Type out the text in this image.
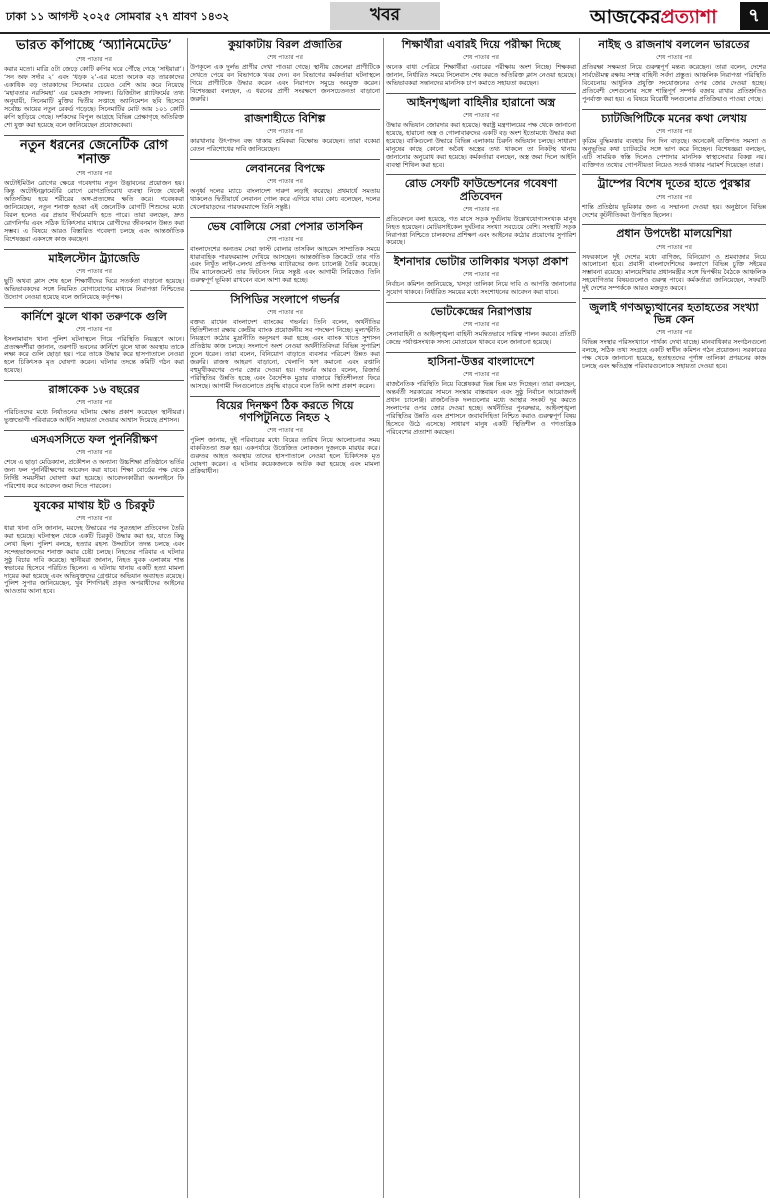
ঢাকা ১১ আগস্ট ২০২৫ সোমবার ২৭ শ্রাবণ ১৪৩২	খবর	আজকেরপ্রত্যাশা	৭
ভারত কাঁপাচ্ছে ‘অ্যানিমেটেড’
শেষ পাতার পর

করার মতো। মাত্রি ৫টা জেড়ে কোটি রুপির ঘরে পৌঁছে গেছে ‘সাইয়ারা’। ‘সন অফ সর্দার ২’ এবং ‘ধড়ক ২’-এর মতো অনেক বড় তারকাদের একাধিক বড় তারকাদের সিনেমার চেয়েও বেশি আয় করে নিয়েছে ‘মহাবতার নরসিমহা’ এর চমকপ্রদ সাফল্য। ডিজিটাল প্ল্যাটফর্মের তথ্য অনুযায়ী, সিনেমাটি মুক্তির দ্বিতীয় সপ্তাহে অ্যানিমেশন ছবি হিসেবে সর্বোচ্চ আয়ের নতুন রেকর্ড গড়েছে। সিনেমাটির মোট আয় ১০১ কোটি রুপি ছাড়িয়ে গেছে। দর্শকদের বিপুল আগ্রহে বিভিন্ন প্রেক্ষাগৃহে অতিরিক্ত শো যুক্ত করা হয়েছে বলে জানিয়েছেন প্রযোজকেরা।

নতুন ধরনের জেনেটিক রোগ শনাক্ত
শেষ পাতার পর

অটোইমিউন রোগের ক্ষেত্রে গবেষণায় নতুন উদ্ভাবনের প্রয়োজন হয়। কিন্তু অটোইনফ্লামেটরি রোগে রোগপ্রতিরোধ ব্যবস্থা নিজে থেকেই অতিসক্রিয় হয়ে শরীরের অঙ্গ-প্রত্যঙ্গের ক্ষতি করে। গবেষকরা জানিয়েছেন, নতুন শনাক্ত হওয়া এই জেনেটিক রোগটি শিশুদের মধ্যে বিরল হলেও এর প্রভাব দীর্ঘমেয়াদি হতে পারে। তারা বলছেন, দ্রুত রোগনির্ণয় এবং সঠিক চিকিৎসার মাধ্যমে রোগীদের জীবনমান উন্নত করা সম্ভব। এ বিষয়ে আরও বিস্তারিত গবেষণা চলছে এবং আন্তর্জাতিক বিশেষজ্ঞরা একসঙ্গে কাজ করছেন।

মাইলস্টোন ট্র্যাজেডি
শেষ পাতার পর

ছুটি অথবা ক্লাস শেষ হলে শিক্ষার্থীদের ঘিরে সতর্কতা বাড়ানো হয়েছে। অভিভাবকদের সঙ্গে নিয়মিত যোগাযোগের মাধ্যমে নিরাপত্তা নিশ্চিতের উদ্যোগ নেওয়া হয়েছে বলে জানিয়েছে কর্তৃপক্ষ।

কার্নিশে ঝুলে থাকা তরুণকে গুলি
শেষ পাতার পর

ইসলামাবাদ থানা পুলিশ ঘটনাস্থলে গিয়ে পরিস্থিতি নিয়ন্ত্রণে আনে। প্রত্যক্ষদর্শীরা জানান, তরুণটি ভবনের কার্নিশে ঝুলে থাকা অবস্থায় তাকে লক্ষ্য করে গুলি ছোড়া হয়। পরে তাকে উদ্ধার করে হাসপাতালে নেওয়া হলে চিকিৎসক মৃত ঘোষণা করেন। ঘটনার তদন্তে কমিটি গঠন করা হয়েছে।

রাঙ্গাকেক ১৬ বছরের
শেষ পাতার পর

পরিচিতদের মধ্যে নির্যাতনের ঘটনায় ক্ষোভ প্রকাশ করেছেন স্থানীয়রা। ভুক্তভোগী পরিবারকে আইনি সহায়তা দেওয়ার আশ্বাস দিয়েছে প্রশাসন।

এসএসসিতে ফল পুনর্নিরীক্ষণ
শেষ পাতার পর

শেষে এ ছাড়া মেডিক্যাল, প্রকৌশল ও অন্যান্য উচ্চশিক্ষা প্রতিষ্ঠানে ভর্তির জন্য ফল পুনর্নিরীক্ষণের আবেদন করা যাবে। শিক্ষা বোর্ডের পক্ষ থেকে নির্দিষ্ট সময়সীমা ঘোষণা করা হয়েছে। আবেদনকারীরা অনলাইনে ফি পরিশোধ করে আবেদন জমা দিতে পারবেন।

যুবকের মাথায় ইট ও চিরকুট
শেষ পাতার পর

ধারা থানা ওসি জানান, মরদেহ উদ্ধারের পর সুরতহাল প্রতিবেদন তৈরি করা হয়েছে। ঘটনাস্থল থেকে একটি চিরকুট উদ্ধার করা হয়, যাতে কিছু লেখা ছিল। পুলিশ বলছে, হত্যার রহস্য উদ্ঘাটনে তদন্ত চলছে এবং সন্দেহভাজনদের শনাক্ত করার চেষ্টা চলছে। নিহতের পরিবার এ ঘটনার সুষ্ঠু বিচার দাবি করেছে। স্থানীয়রা জানান, নিহত যুবক এলাকায় শান্ত স্বভাবের হিসেবে পরিচিত ছিলেন। এ ঘটনায় থানায় একটি হত্যা মামলা দায়ের করা হয়েছে এবং অভিযুক্তদের গ্রেপ্তারে অভিযান অব্যাহত রয়েছে। পুলিশ সুপার জানিয়েছেন, খুব শিগগিরই প্রকৃত অপরাধীদের আইনের আওতায় আনা হবে।

কুয়াকাটায় বিরল প্রজাতির
শেষ পাতার পর

উপকূলে এক দুর্লভ প্রাণীর দেখা পাওয়া গেছে। স্থানীয় জেলেরা প্রাণীটিকে দেখতে পেয়ে বন বিভাগকে খবর দেন। বন বিভাগের কর্মকর্তারা ঘটনাস্থলে গিয়ে প্রাণীটিকে উদ্ধার করেন এবং নিরাপদে সমুদ্রে অবমুক্ত করেন। বিশেষজ্ঞরা বলছেন, এ ধরনের প্রাণী সংরক্ষণে জনসচেতনতা বাড়ানো জরুরি।

রাজশাহীতে বিশিল্প
শেষ পাতার পর

কারখানার উৎপাদন বন্ধ থাকায় শ্রমিকরা বিক্ষোভ করেছেন। তারা বকেয়া বেতন পরিশোধের দাবি জানিয়েছেন।

লেবাননের বিপক্ষে
শেষ পাতার পর

অনূর্ধ্ব দলের ম্যাচে বাংলাদেশ দারুণ লড়াই করেছে। প্রথমার্ধে সমতায় থাকলেও দ্বিতীয়ার্ধে লেবানন গোল করে এগিয়ে যায়। কোচ বলেছেন, দলের খেলোয়াড়দের পারফরম্যান্সে তিনি সন্তুষ্ট।

ভেষ বোলিয়ে সেরা পেসার তাসকিন
শেষ পাতার পর

বাংলাদেশের অন্যতম সেরা ফাস্ট বোলার তাসকিন আহমেদ সাম্প্রতিক সময়ে ধারাবাহিক পারফরম্যান্স দেখিয়ে আসছেন। আন্তর্জাতিক ক্রিকেটে তার গতি এবং নিখুঁত লাইন-লেংথ প্রতিপক্ষ ব্যাটারদের জন্য চ্যালেঞ্জ তৈরি করেছে। টিম ম্যানেজমেন্ট তার ফিটনেস নিয়ে সন্তুষ্ট এবং আগামী সিরিজেও তিনি গুরুত্বপূর্ণ ভূমিকা রাখবেন বলে আশা করা হচ্ছে।

সিপিডির সংলাপে গভর্নর
শেষ পাতার পর

বক্তব্য রাখেন বাংলাদেশ ব্যাংকের গভর্নর। তিনি বলেন, অর্থনীতির স্থিতিশীলতা রক্ষায় কেন্দ্রীয় ব্যাংক প্রয়োজনীয় সব পদক্ষেপ নিচ্ছে। মূল্যস্ফীতি নিয়ন্ত্রণে কঠোর মুদ্রানীতি অনুসরণ করা হচ্ছে এবং ব্যাংক খাতে সুশাসন প্রতিষ্ঠায় কাজ চলছে। সংলাপে অংশ নেওয়া অর্থনীতিবিদরা বিভিন্ন সুপারিশ তুলে ধরেন। তারা বলেন, বিনিয়োগ বাড়াতে ব্যবসার পরিবেশ উন্নত করা জরুরি। রাজস্ব আহরণ বাড়ানো, খেলাপি ঋণ কমানো এবং রপ্তানি বহুমুখীকরণের ওপর জোর দেওয়া হয়। গভর্নর আরও বলেন, রিজার্ভ পরিস্থিতির উন্নতি হচ্ছে এবং বৈদেশিক মুদ্রার বাজারে স্থিতিশীলতা ফিরে আসছে। আগামী দিনগুলোতে প্রবৃদ্ধি বাড়বে বলে তিনি আশা প্রকাশ করেন।

বিয়ের দিনক্ষণ ঠিক করতে গিয়ে গণপিটুনিতে নিহত ২
শেষ পাতার পর

পুলিশ জানায়, দুই পরিবারের মধ্যে বিয়ের তারিখ নিয়ে আলোচনার সময় বাকবিতণ্ডা শুরু হয়। একপর্যায়ে উত্তেজিত লোকজন দুজনকে মারধর করে। গুরুতর আহত অবস্থায় তাদের হাসপাতালে নেওয়া হলে চিকিৎসক মৃত ঘোষণা করেন। এ ঘটনায় কয়েকজনকে আটক করা হয়েছে এবং মামলা প্রক্রিয়াধীন।

শিক্ষার্থীরা এবারই দিয়ে পরীক্ষা দিচ্ছে
শেষ পাতার পর

অনেক বাধা পেরিয়ে শিক্ষার্থীরা এবারের পরীক্ষায় অংশ নিচ্ছে। শিক্ষকরা জানান, নির্ধারিত সময়ে সিলেবাস শেষ করতে অতিরিক্ত ক্লাস নেওয়া হয়েছে। অভিভাবকরা সন্তানদের মানসিক চাপ কমাতে সহায়তা করছেন।

আইনশৃঙ্খলা বাহিনীর হারানো অস্ত্র
শেষ পাতার পর

উদ্ধার অভিযান জোরদার করা হয়েছে। স্বরাষ্ট্র মন্ত্রণালয়ের পক্ষ থেকে জানানো হয়েছে, হারানো অস্ত্র ও গোলাবারুদের একটি বড় অংশ ইতোমধ্যে উদ্ধার করা হয়েছে। বাকিগুলো উদ্ধারে বিভিন্ন এলাকায় চিরুনি অভিযান চলছে। সাধারণ মানুষের কাছে কোনো অবৈধ অস্ত্রের তথ্য থাকলে তা নিকটস্থ থানায় জানানোর অনুরোধ করা হয়েছে। কর্মকর্তারা বলছেন, অস্ত্র জমা দিলে আইনি ব্যবস্থা শিথিল করা হবে।

রোড সেফটি ফাউন্ডেশনের গবেষণা প্রতিবেদন
শেষ পাতার পর

প্রতিবেদনে বলা হয়েছে, গত মাসে সড়ক দুর্ঘটনায় উল্লেখযোগ্যসংখ্যক মানুষ নিহত হয়েছেন। মোটরসাইকেল দুর্ঘটনার সংখ্যা সবচেয়ে বেশি। সংস্থাটি সড়ক নিরাপত্তা নিশ্চিতে চালকদের প্রশিক্ষণ এবং আইনের কঠোর প্রয়োগের সুপারিশ করেছে।

ইশনাদার ভোটার তালিকার খসড়া প্রকাশ
শেষ পাতার পর

নির্বাচন কমিশন জানিয়েছে, খসড়া তালিকা নিয়ে দাবি ও আপত্তি জানানোর সুযোগ থাকবে। নির্ধারিত সময়ের মধ্যে সংশোধনের আবেদন করা যাবে।

ভোটকেন্দ্রের নিরাপত্তায়
শেষ পাতার পর

সেনাবাহিনী ও আইনশৃঙ্খলা বাহিনী সমন্বিতভাবে দায়িত্ব পালন করবে। প্রতিটি কেন্দ্রে পর্যাপ্তসংখ্যক সদস্য মোতায়েন থাকবে বলে জানানো হয়েছে।

হাসিনা-উত্তর বাংলাদেশে
শেষ পাতার পর

রাজনৈতিক পরিস্থিতি নিয়ে বিশ্লেষকরা ভিন্ন ভিন্ন মত দিচ্ছেন। তারা বলছেন, অন্তর্বর্তী সরকারের সামনে সংস্কার বাস্তবায়ন এবং সুষ্ঠু নির্বাচন আয়োজনই প্রধান চ্যালেঞ্জ। রাজনৈতিক দলগুলোর মধ্যে আস্থার সংকট দূর করতে সংলাপের ওপর জোর দেওয়া হচ্ছে। অর্থনীতির পুনরুদ্ধার, আইনশৃঙ্খলা পরিস্থিতির উন্নতি এবং প্রশাসনে জবাবদিহিতা নিশ্চিত করাও গুরুত্বপূর্ণ বিষয় হিসেবে উঠে এসেছে। সাধারণ মানুষ একটি স্থিতিশীল ও গণতান্ত্রিক পরিবেশের প্রত্যাশা করছেন।

নাইছ ও রাজনাথ বললেন ভারতের
শেষ পাতার পর

প্রতিরক্ষা সক্ষমতা নিয়ে গুরুত্বপূর্ণ মন্তব্য করেছেন। তারা বলেন, দেশের সার্বভৌমত্ব রক্ষায় সশস্ত্র বাহিনী সর্বদা প্রস্তুত। আঞ্চলিক নিরাপত্তা পরিস্থিতি বিবেচনায় আধুনিক প্রযুক্তি সংযোজনের ওপর জোর দেওয়া হচ্ছে। প্রতিবেশী দেশগুলোর সঙ্গে শান্তিপূর্ণ সম্পর্ক বজায় রাখার প্রতিশ্রুতিও পুনর্ব্যক্ত করা হয়। এ বিষয়ে বিরোধী দলগুলোর প্রতিক্রিয়াও পাওয়া গেছে।

চ্যাটজিপিটিকে মনের কথা লেখায়
শেষ পাতার পর

কৃত্রিম বুদ্ধিমত্তার ব্যবহার দিন দিন বাড়ছে। অনেকেই ব্যক্তিগত সমস্যা ও অনুভূতির কথা চ্যাটবটের সঙ্গে ভাগ করে নিচ্ছেন। বিশেষজ্ঞরা বলছেন, এটি সাময়িক স্বস্তি দিলেও পেশাদার মানসিক স্বাস্থ্যসেবার বিকল্প নয়। ব্যক্তিগত তথ্যের গোপনীয়তা নিয়েও সতর্ক থাকার পরামর্শ দিয়েছেন তারা।

ট্রাম্পের বিশেষ দূতের হাতে পুরস্কার
শেষ পাতার পর

শান্তি প্রতিষ্ঠায় ভূমিকার জন্য এ সম্মাননা দেওয়া হয়। অনুষ্ঠানে বিভিন্ন দেশের কূটনীতিকরা উপস্থিত ছিলেন।

প্রধান উপদেষ্টা মালয়েশিয়া
শেষ পাতার পর

সফরকালে দুই দেশের মধ্যে বাণিজ্য, বিনিয়োগ ও শ্রমবাজার নিয়ে আলোচনা হবে। প্রবাসী বাংলাদেশিদের কল্যাণে বিভিন্ন চুক্তি সইয়ের সম্ভাবনা রয়েছে। মালয়েশিয়ার প্রধানমন্ত্রীর সঙ্গে দ্বিপক্ষীয় বৈঠকে আঞ্চলিক সহযোগিতার বিষয়গুলোও গুরুত্ব পাবে। কর্মকর্তারা জানিয়েছেন, সফরটি দুই দেশের সম্পর্ককে আরও মজবুত করবে।

জুলাই গণঅভ্যুত্থানের হতাহতের সংখ্যা ভিন্ন কেন
শেষ পাতার পর

বিভিন্ন সংস্থার পরিসংখ্যানে পার্থক্য দেখা যাচ্ছে। মানবাধিকার সংগঠনগুলো বলছে, সঠিক তথ্য সংগ্রহে একটি স্বাধীন কমিশন গঠন প্রয়োজন। সরকারের পক্ষ থেকে জানানো হয়েছে, হতাহতদের পূর্ণাঙ্গ তালিকা প্রণয়নের কাজ চলছে এবং ক্ষতিগ্রস্ত পরিবারগুলোকে সহায়তা দেওয়া হবে।
